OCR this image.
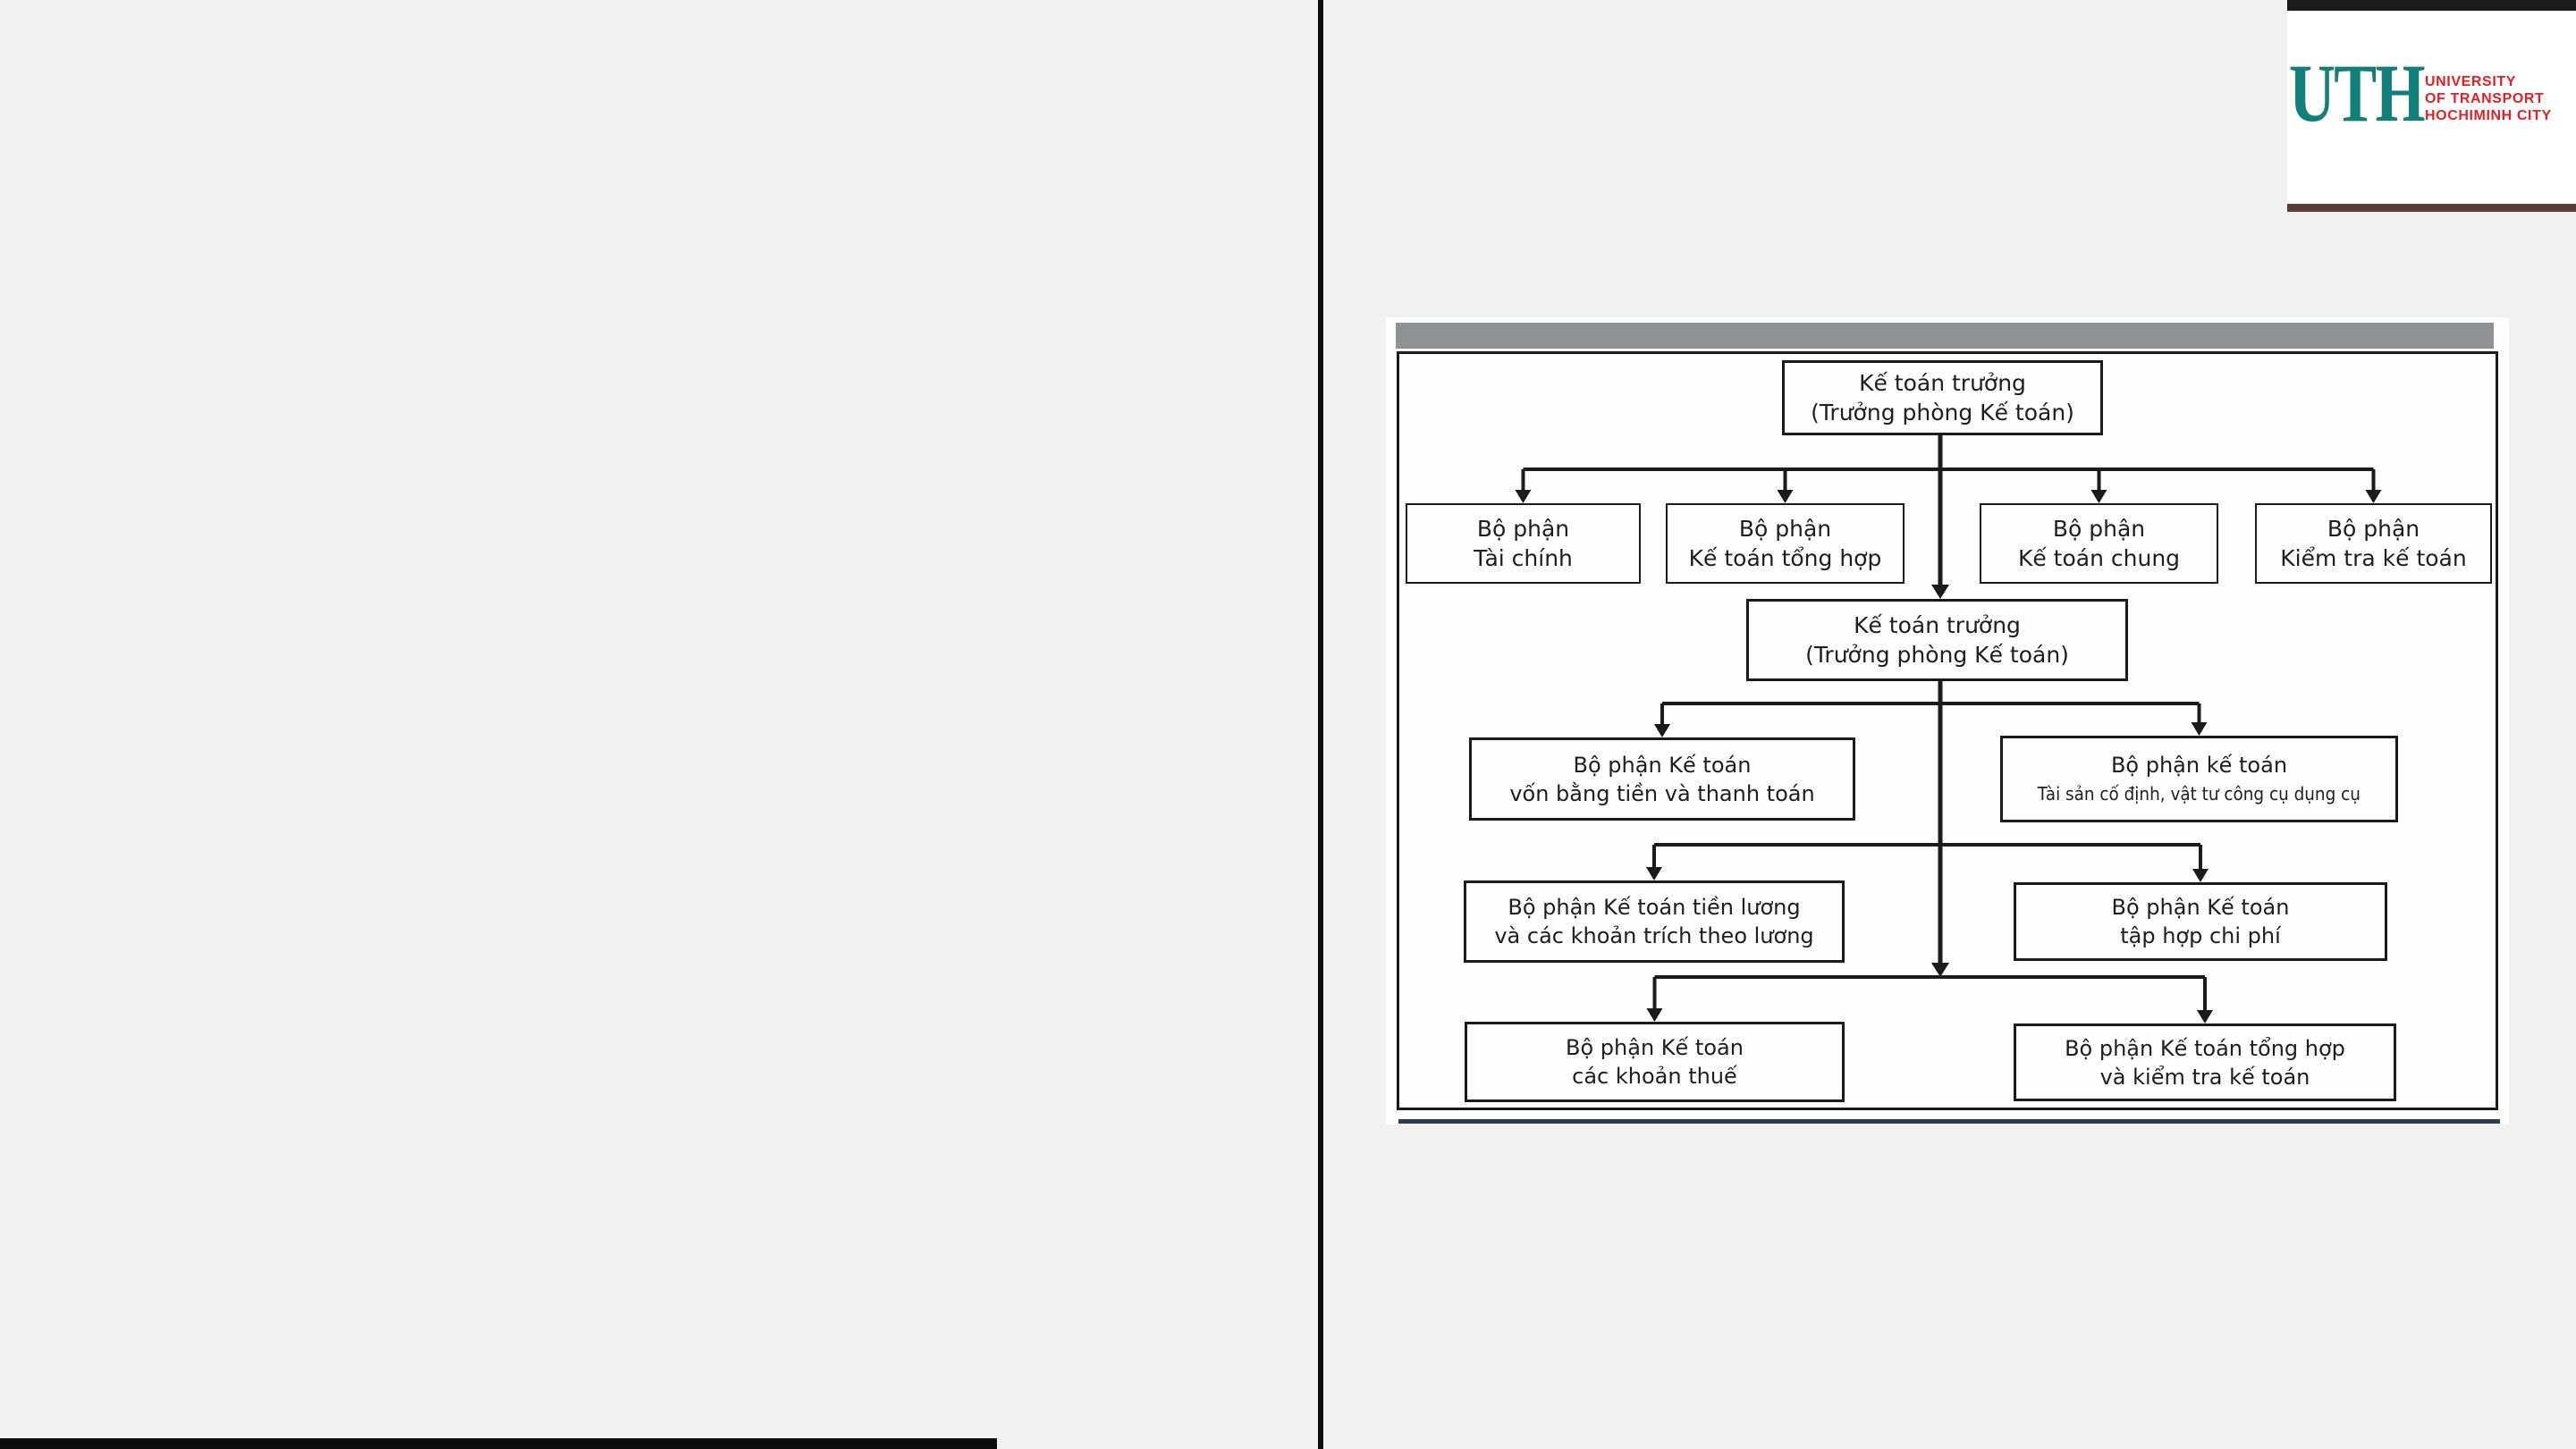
UTH UNIVERSITY
OF TRANSPORT
HOCHIMINH CITY
Kế toán trưởng
(Trưởng phòng Kế toán)
Bộ phận
Tài chính
Bộ phận
Kế toán tổng hợp
Bộ phận
Kế toán chung
Bộ phận
Kiểm tra kế toán
Kế toán trưởng
(Trưởng phòng Kế toán)
Bộ phận Kế toán
vốn bằng tiền và thanh toán
Bộ phận kế toán
Tài sản cố định, vật tư công cụ dụng cụ
Bộ phận Kế toán tiền lương
và các khoản trích theo lương
Bộ phận Kế toán
tập hợp chi phí
Bộ phận Kế toán
các khoản thuế
Bộ phận Kế toán tổng hợp
và kiểm tra kế toán
